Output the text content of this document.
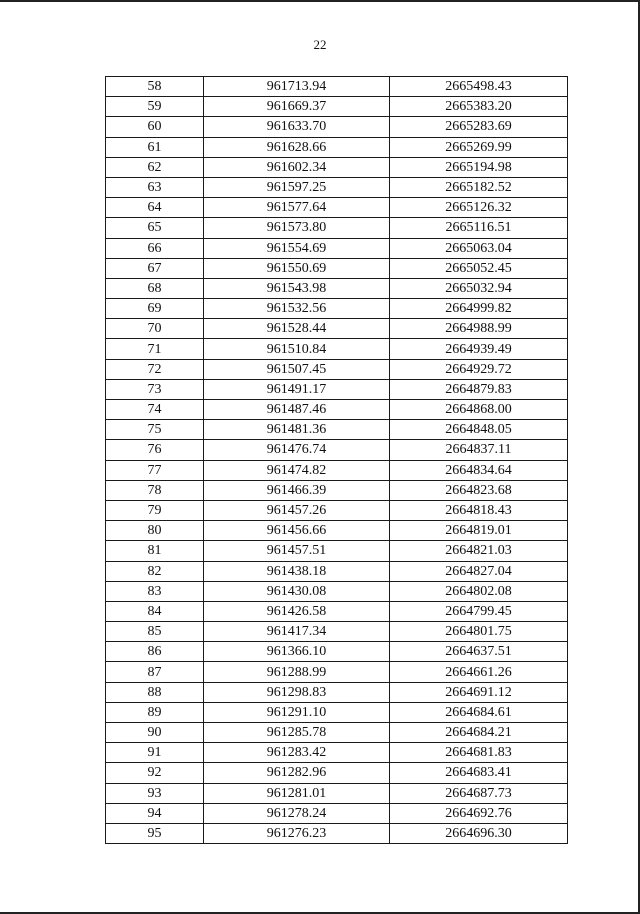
22
58	961713.94	2665498.43
59	961669.37	2665383.20
60	961633.70	2665283.69
61	961628.66	2665269.99
62	961602.34	2665194.98
63	961597.25	2665182.52
64	961577.64	2665126.32
65	961573.80	2665116.51
66	961554.69	2665063.04
67	961550.69	2665052.45
68	961543.98	2665032.94
69	961532.56	2664999.82
70	961528.44	2664988.99
71	961510.84	2664939.49
72	961507.45	2664929.72
73	961491.17	2664879.83
74	961487.46	2664868.00
75	961481.36	2664848.05
76	961476.74	2664837.11
77	961474.82	2664834.64
78	961466.39	2664823.68
79	961457.26	2664818.43
80	961456.66	2664819.01
81	961457.51	2664821.03
82	961438.18	2664827.04
83	961430.08	2664802.08
84	961426.58	2664799.45
85	961417.34	2664801.75
86	961366.10	2664637.51
87	961288.99	2664661.26
88	961298.83	2664691.12
89	961291.10	2664684.61
90	961285.78	2664684.21
91	961283.42	2664681.83
92	961282.96	2664683.41
93	961281.01	2664687.73
94	961278.24	2664692.76
95	961276.23	2664696.30
